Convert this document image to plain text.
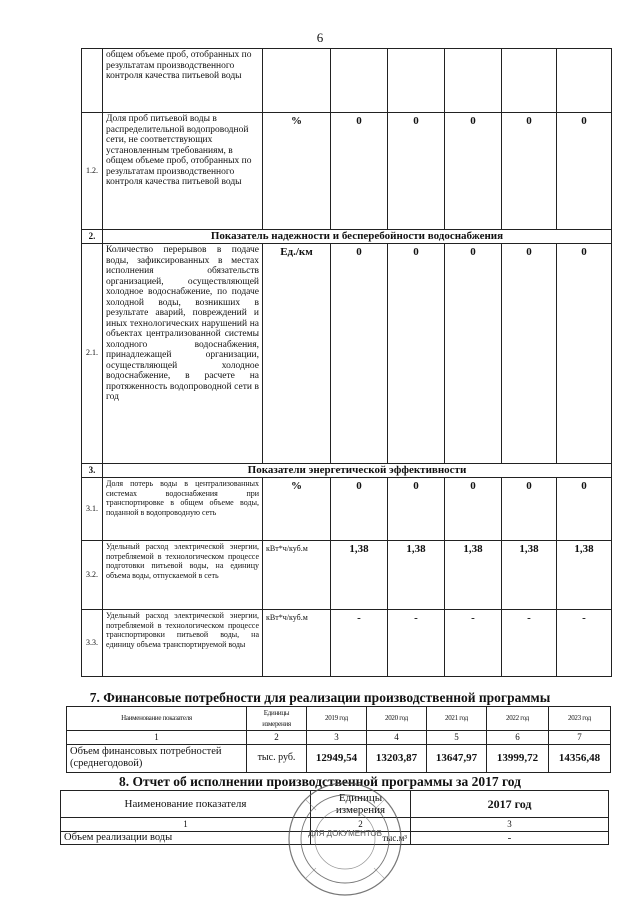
6
	общем объеме проб, отобранных по результатам производственного контроля качества питьевой воды						
1.2.	Доля проб питьевой воды в распределительной водопроводной сети, не соответствующих установленным требованиям, в общем объеме проб, отобранных по результатам производственного контроля качества питьевой воды	%	0	0	0	0	0
2.	Показатель надежности и бесперебойности водоснабжения						
2.1.	Количество перерывов в подаче воды, зафиксированных в местах исполнения обязательств организацией, осуществляющей холодное водоснабжение, по подаче холодной воды, возникших в результате аварий, повреждений и иных технологических нарушений на объектах централизованной системы холодного водоснабжения, принадлежащей организации, осуществляющей холодное водоснабжение, в расчете на протяженность водопроводной сети в год	Ед./км	0	0	0	0	0
3.	Показатели энергетической эффективности						
3.1.	Доля потерь воды в централизованных системах водоснабжения при транспортировке в общем объеме воды, поданной в водопроводную сеть	%	0	0	0	0	0
3.2.	Удельный расход электрической энергии, потребляемой в технологическом процессе подготовки питьевой воды, на единицу объема воды, отпускаемой в сеть	кВт*ч/куб.м	1,38	1,38	1,38	1,38	1,38
3.3.	Удельный расход электрической энергии, потребляемой в технологическом процессе транспортировки питьевой воды, на единицу объема транспортируемой воды	кВт*ч/куб.м	-	-	-	-	-
7. Финансовые потребности для реализации производственной программы
Наименование показателя	Единицы измерения	2019 год	2020 год	2021 год	2022 год	2023 год
1	2	3	4	5	6	7
Объем финансовых потребностей (среднегодовой)	тыс. руб.	12949,54	13203,87	13647,97	13999,72	14356,48
8. Отчет об исполнении производственной программы за 2017 год
Наименование показателя	Единицы измерения	2017 год
1	2	3
Объем реализации воды	тыс.м³	-
ДЛЯ ДОКУМЕНТОВ
